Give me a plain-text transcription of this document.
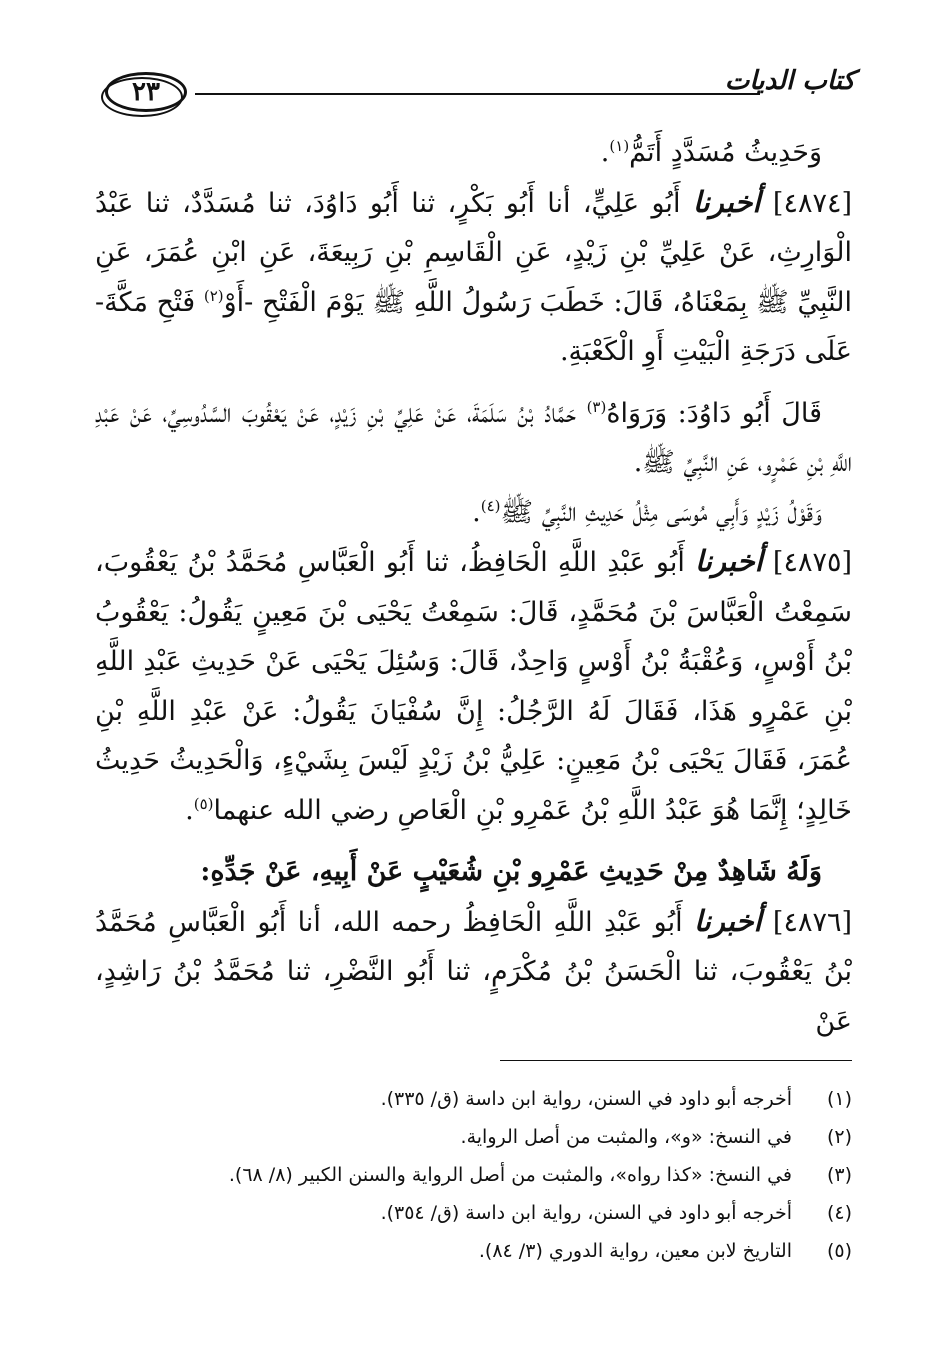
٢٣	كتاب الديات

وَحَدِيثُ مُسَدَّدٍ أَتَمُّ$^{(١)}$.

[٤٨٧٤] أخبرنا أَبُو عَلِيٍّ، أنا أَبُو بَكْرٍ، ثنا أَبُو دَاوُدَ، ثنا مُسَدَّدٌ، ثنا عَبْدُ الْوَارِثِ، عَنْ عَلِيِّ بْنِ زَيْدٍ، عَنِ الْقَاسِمِ بْنِ رَبِيعَةَ، عَنِ ابْنِ عُمَرَ، عَنِ النَّبِيِّ ﷺ بِمَعْنَاهُ، قَالَ: خَطَبَ رَسُولُ اللَّهِ ﷺ يَوْمَ الْفَتْحِ -أَوْ$^{(٢)}$ فَتْحِ مَكَّةَ- عَلَى دَرَجَةِ الْبَيْتِ أَوِ الْكَعْبَةِ.

قَالَ أَبُو دَاوُدَ: وَرَوَاهُ$^{(٣)}$ حَمَّادُ بْنُ سَلَمَةَ، عَنْ عَلِيِّ بْنِ زَيْدٍ، عَنْ يَعْقُوبَ السَّدُوسِيِّ، عَنْ عَبْدِ اللَّهِ بْنِ عَمْرٍو، عَنِ النَّبِيِّ ﷺ.

وَقَوْلُ زَيْدٍ وَأَبِي مُوسَى مِثْلُ حَدِيثِ النَّبِيِّ ﷺ$^{(٤)}$.

[٤٨٧٥] أخبرنا أَبُو عَبْدِ اللَّهِ الْحَافِظُ، ثنا أَبُو الْعَبَّاسِ مُحَمَّدُ بْنُ يَعْقُوبَ، سَمِعْتُ الْعَبَّاسَ بْنَ مُحَمَّدٍ، قَالَ: سَمِعْتُ يَحْيَى بْنَ مَعِينٍ يَقُولُ: يَعْقُوبُ بْنُ أَوْسٍ، وَعُقْبَةُ بْنُ أَوْسٍ وَاحِدٌ، قَالَ: وَسُئِلَ يَحْيَى عَنْ حَدِيثِ عَبْدِ اللَّهِ بْنِ عَمْرٍو هَذَا، فَقَالَ لَهُ الرَّجُلُ: إِنَّ سُفْيَانَ يَقُولُ: عَنْ عَبْدِ اللَّهِ بْنِ عُمَرَ، فَقَالَ يَحْيَى بْنُ مَعِينٍ: عَلِيُّ بْنُ زَيْدٍ لَيْسَ بِشَيْءٍ، وَالْحَدِيثُ حَدِيثُ خَالِدٍ؛ إِنَّمَا هُوَ عَبْدُ اللَّهِ بْنُ عَمْرِو بْنِ الْعَاصِ رضي الله عنهما$^{(٥)}$.

وَلَهُ شَاهِدٌ مِنْ حَدِيثِ عَمْرِو بْنِ شُعَيْبٍ عَنْ أَبِيهِ، عَنْ جَدِّهِ:

[٤٨٧٦] أخبرنا أَبُو عَبْدِ اللَّهِ الْحَافِظُ رحمه الله، أنا أَبُو الْعَبَّاسِ مُحَمَّدُ بْنُ يَعْقُوبَ، ثنا الْحَسَنُ بْنُ مُكْرَمٍ، ثنا أَبُو النَّضْرِ، ثنا مُحَمَّدُ بْنُ رَاشِدٍ، عَنْ

(١)
أخرجه أبو داود في السنن، رواية ابن داسة (ق/ ٣٣٥).
(٢)
في النسخ: «و»، والمثبت من أصل الرواية.
(٣)
في النسخ: «كذا رواه»، والمثبت من أصل الرواية والسنن الكبير (٨/ ٦٨).
(٤)
أخرجه أبو داود في السنن، رواية ابن داسة (ق/ ٣٥٤).
(٥)
التاريخ لابن معين، رواية الدوري (٣/ ٨٤).
